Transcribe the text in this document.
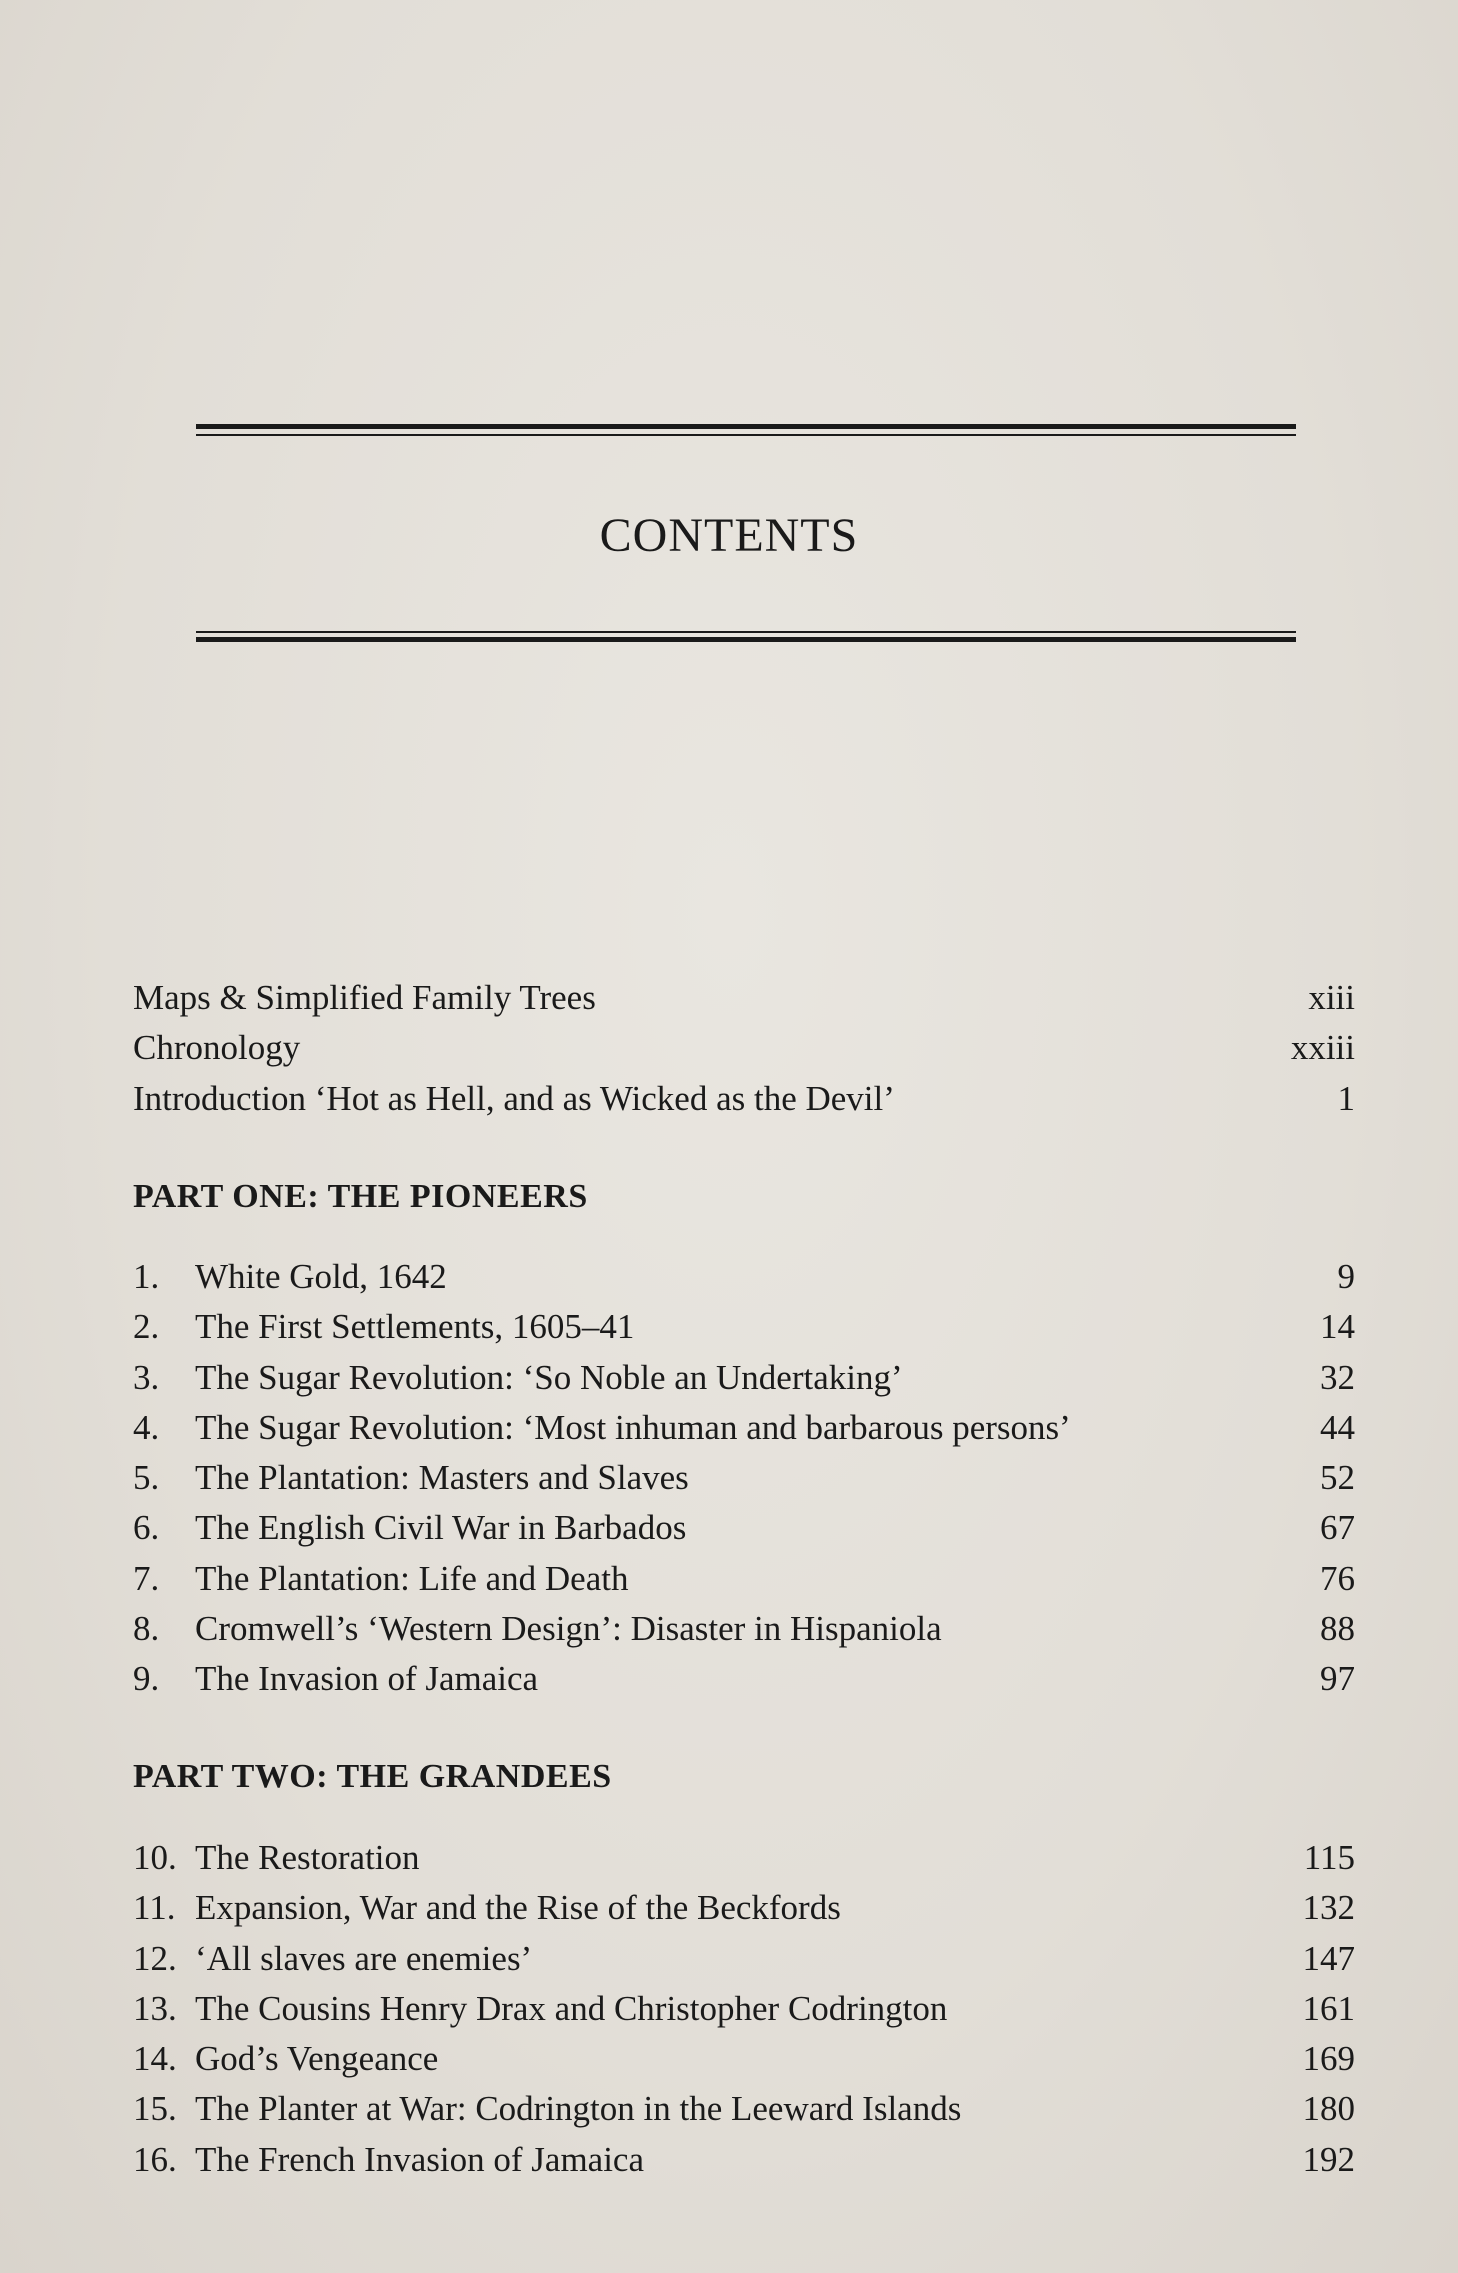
CONTENTS
Maps & Simplified Family Trees	xiii
Chronology	xxiii
Introduction ‘Hot as Hell, and as Wicked as the Devil’	1
PART ONE: THE PIONEERS
1. White Gold, 1642	9
2. The First Settlements, 1605–41	14
3. The Sugar Revolution: ‘So Noble an Undertaking’	32
4. The Sugar Revolution: ‘Most inhuman and barbarous persons’	44
5. The Plantation: Masters and Slaves	52
6. The English Civil War in Barbados	67
7. The Plantation: Life and Death	76
8. Cromwell’s ‘Western Design’: Disaster in Hispaniola	88
9. The Invasion of Jamaica	97
PART TWO: THE GRANDEES
10. The Restoration	115
11. Expansion, War and the Rise of the Beckfords	132
12. ‘All slaves are enemies’	147
13. The Cousins Henry Drax and Christopher Codrington	161
14. God’s Vengeance	169
15. The Planter at War: Codrington in the Leeward Islands	180
16. The French Invasion of Jamaica	192
